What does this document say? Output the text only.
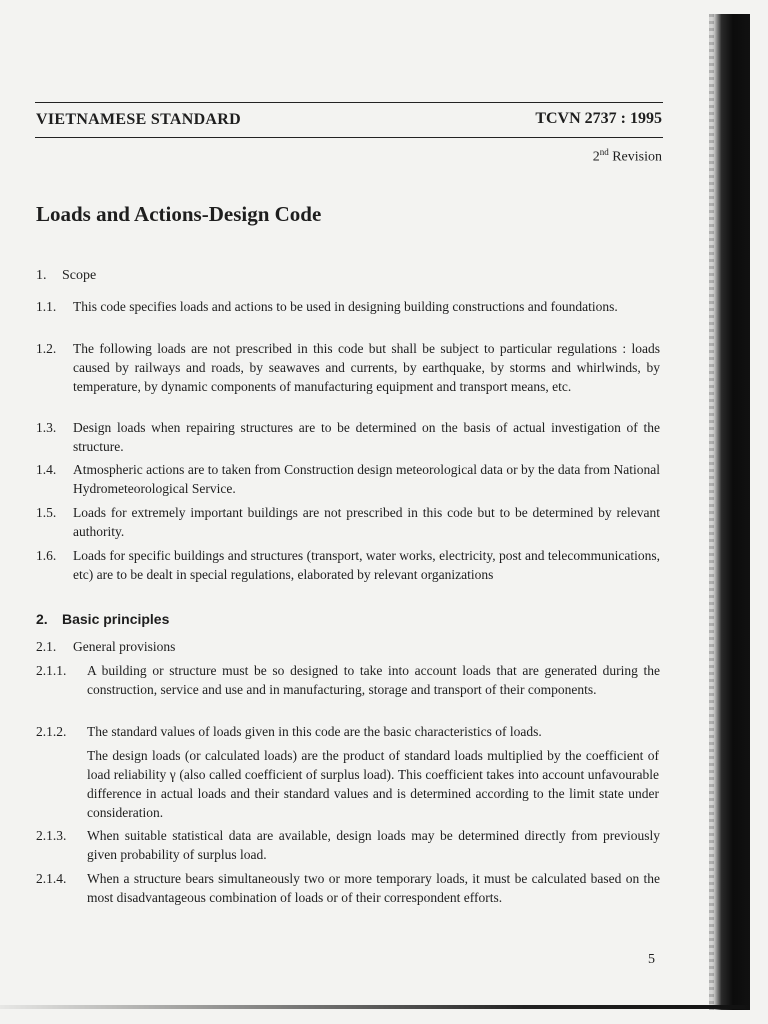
VIETNAMESE STANDARD	TCVN 2737 : 1995
2nd Revision
Loads and Actions-Design Code
1. Scope
1.1. This code specifies loads and actions to be used in designing building constructions and foundations.
1.2. The following loads are not prescribed in this code but shall be subject to particular regulations : loads caused by railways and roads, by seawaves and currents, by earthquake, by storms and whirlwinds, by temperature, by dynamic components of manufacturing equipment and transport means, etc.
1.3. Design loads when repairing structures are to be determined on the basis of actual investigation of the structure.
1.4. Atmospheric actions are to taken from Construction design meteorological data or by the data from National Hydrometeorological Service.
1.5. Loads for extremely important buildings are not prescribed in this code but to be determined by relevant authority.
1.6. Loads for specific buildings and structures (transport, water works, electricity, post and telecommunications, etc) are to be dealt in special regulations, elaborated by relevant organizations
2. Basic principles
2.1. General provisions
2.1.1. A building or structure must be so designed to take into account loads that are generated during the construction, service and use and in manufacturing, storage and transport of their components.
2.1.2. The standard values of loads given in this code are the basic characteristics of loads.
The design loads (or calculated loads) are the product of standard loads multiplied by the coefficient of load reliability γ (also called coefficient of surplus load). This coefficient takes into account unfavourable difference in actual loads and their standard values and is determined according to the limit state under consideration.
2.1.3. When suitable statistical data are available, design loads may be determined directly from previously given probability of surplus load.
2.1.4. When a structure bears simultaneously two or more temporary loads, it must be calculated based on the most disadvantageous combination of loads or of their correspondent efforts.
5
